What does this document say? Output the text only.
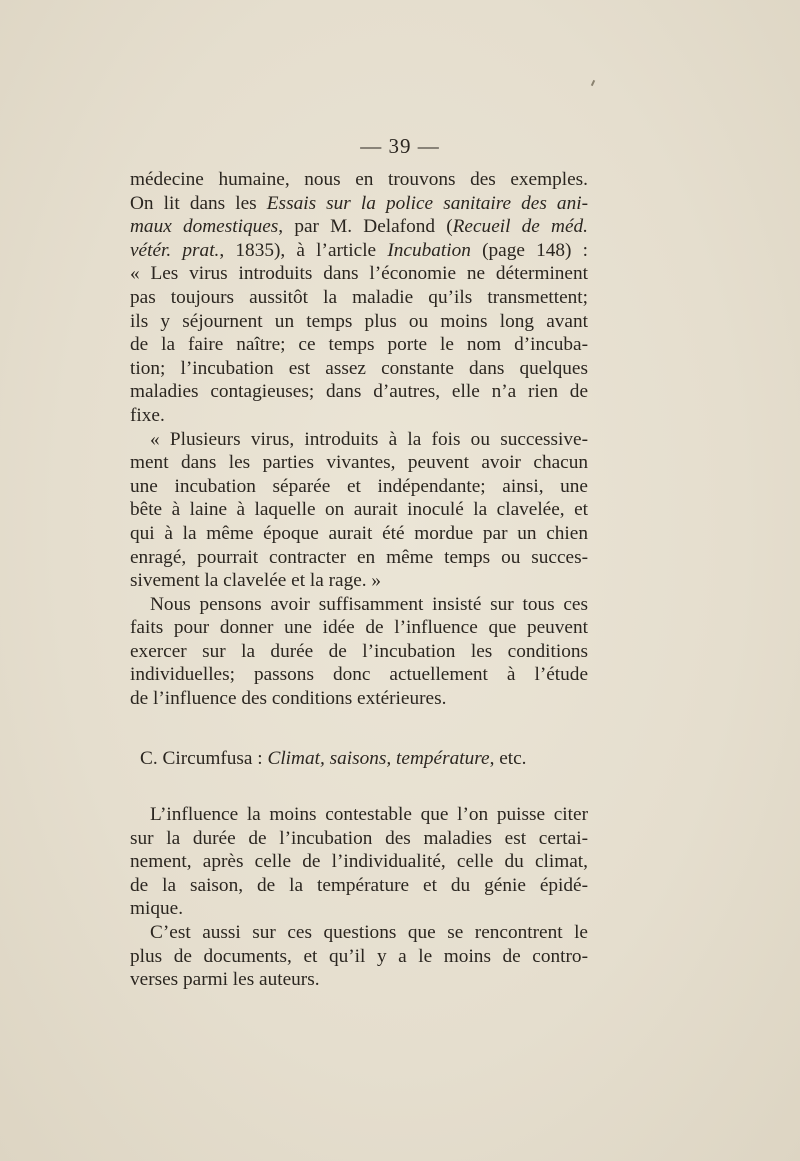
— 39 —
médecine humaine, nous en trouvons des exemples.
On lit dans les Essais sur la police sanitaire des ani-
maux domestiques, par M. Delafond (Recueil de méd.
vétér. prat., 1835), à l’article Incubation (page 148) :
« Les virus introduits dans l’économie ne déterminent
pas toujours aussitôt la maladie qu’ils transmettent;
ils y séjournent un temps plus ou moins long avant
de la faire naître; ce temps porte le nom d’incuba-
tion; l’incubation est assez constante dans quelques
maladies contagieuses; dans d’autres, elle n’a rien de
fixe.
« Plusieurs virus, introduits à la fois ou successive-
ment dans les parties vivantes, peuvent avoir chacun
une incubation séparée et indépendante; ainsi, une
bête à laine à laquelle on aurait inoculé la clavelée, et
qui à la même époque aurait été mordue par un chien
enragé, pourrait contracter en même temps ou succes-
sivement la clavelée et la rage. »
Nous pensons avoir suffisamment insisté sur tous ces
faits pour donner une idée de l’influence que peuvent
exercer sur la durée de l’incubation les conditions
individuelles; passons donc actuellement à l’étude
de l’influence des conditions extérieures.
C. Circumfusa : Climat, saisons, température, etc.
L’influence la moins contestable que l’on puisse citer
sur la durée de l’incubation des maladies est certai-
nement, après celle de l’individualité, celle du climat,
de la saison, de la température et du génie épidé-
mique.
C’est aussi sur ces questions que se rencontrent le
plus de documents, et qu’il y a le moins de contro-
verses parmi les auteurs.
